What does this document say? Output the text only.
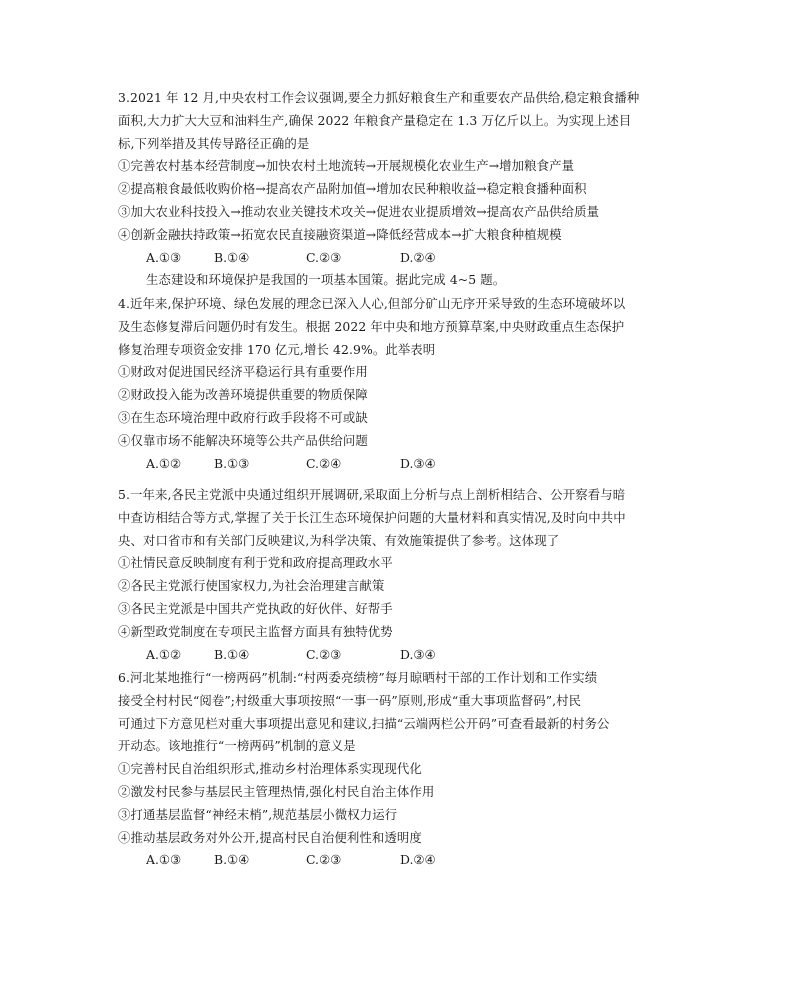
3.2021 年 12 月,中央农村工作会议强调,要全力抓好粮食生产和重要农产品供给,稳定粮食播种
面积,大力扩大大豆和油料生产,确保 2022 年粮食产量稳定在 1.3 万亿斤以上。为实现上述目
标,下列举措及其传导路径正确的是
①完善农村基本经营制度→加快农村土地流转→开展规模化农业生产→增加粮食产量
②提高粮食最低收购价格→提高农产品附加值→增加农民种粮收益→稳定粮食播种面积
③加大农业科技投入→推动农业关键技术攻关→促进农业提质增效→提高农产品供给质量
④创新金融扶持政策→拓宽农民直接融资渠道→降低经营成本→扩大粮食种植规模
A.①③	B.①④	C.②③	D.②④
生态建设和环境保护是我国的一项基本国策。据此完成 4~5 题。
4.近年来,保护环境、绿色发展的理念已深入人心,但部分矿山无序开采导致的生态环境破坏以
及生态修复滞后问题仍时有发生。根据 2022 年中央和地方预算草案,中央财政重点生态保护
修复治理专项资金安排 170 亿元,增长 42.9%。此举表明
①财政对促进国民经济平稳运行具有重要作用
②财政投入能为改善环境提供重要的物质保障
③在生态环境治理中政府行政手段将不可或缺
④仅靠市场不能解决环境等公共产品供给问题
A.①②	B.①③	C.②④	D.③④
5.一年来,各民主党派中央通过组织开展调研,采取面上分析与点上剖析相结合、公开察看与暗
中查访相结合等方式,掌握了关于长江生态环境保护问题的大量材料和真实情况,及时向中共中
央、对口省市和有关部门反映建议,为科学决策、有效施策提供了参考。这体现了
①社情民意反映制度有利于党和政府提高理政水平
②各民主党派行使国家权力,为社会治理建言献策
③各民主党派是中国共产党执政的好伙伴、好帮手
④新型政党制度在专项民主监督方面具有独特优势
A.①②	B.①④	C.②③	D.③④
6.河北某地推行“一榜两码”机制:“村两委亮绩榜”每月晾晒村干部的工作计划和工作实绩
接受全村村民“阅卷”;村级重大事项按照“一事一码”原则,形成“重大事项监督码”,村民
可通过下方意见栏对重大事项提出意见和建议,扫描“云端两栏公开码”可查看最新的村务公
开动态。该地推行“一榜两码”机制的意义是
①完善村民自治组织形式,推动乡村治理体系实现现代化
②激发村民参与基层民主管理热情,强化村民自治主体作用
③打通基层监督“神经末梢”,规范基层小微权力运行
④推动基层政务对外公开,提高村民自治便利性和透明度
A.①③	B.①④	C.②③	D.②④
